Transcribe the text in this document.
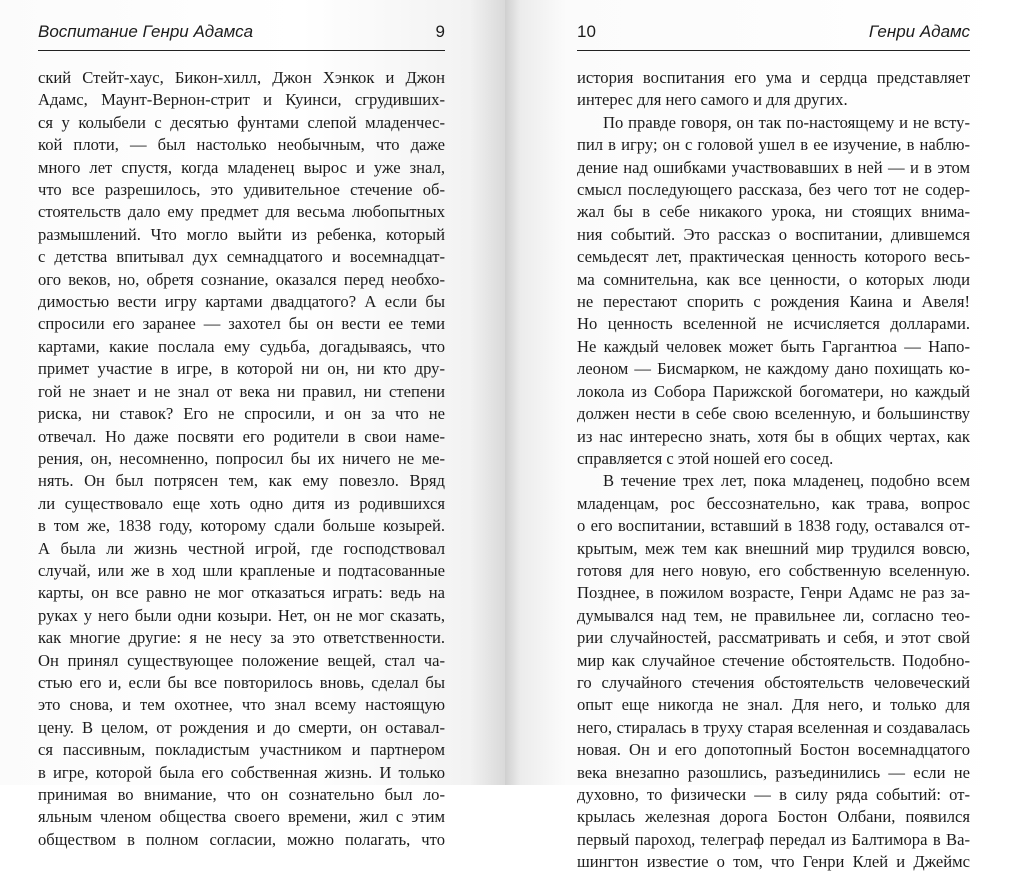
Воспитание Генри Адамса	9
ский Стейт-хаус, Бикон-хилл, Джон Хэнкок и Джон
Адамс, Маунт-Вернон-стрит и Куинси, сгрудивших-
ся у колыбели с десятью фунтами слепой младенчес-
кой плоти, — был настолько необычным, что даже
много лет спустя, когда младенец вырос и уже знал,
что все разрешилось, это удивительное стечение об-
стоятельств дало ему предмет для весьма любопытных
размышлений. Что могло выйти из ребенка, который
с детства впитывал дух семнадцатого и восемнадцат-
ого веков, но, обретя сознание, оказался перед необхо-
димостью вести игру картами двадцатого? А если бы
спросили его заранее — захотел бы он вести ее теми
картами, какие послала ему судьба, догадываясь, что
примет участие в игре, в которой ни он, ни кто дру-
гой не знает и не знал от века ни правил, ни степени
риска, ни ставок? Его не спросили, и он за что не
отвечал. Но даже посвяти его родители в свои наме-
рения, он, несомненно, попросил бы их ничего не ме-
нять. Он был потрясен тем, как ему повезло. Вряд
ли существовало еще хоть одно дитя из родившихся
в том же, 1838 году, которому сдали больше козырей.
А была ли жизнь честной игрой, где господствовал
случай, или же в ход шли крапленые и подтасованные
карты, он все равно не мог отказаться играть: ведь на
руках у него были одни козыри. Нет, он не мог сказать,
как многие другие: я не несу за это ответственности.
Он принял существующее положение вещей, стал ча-
стью его и, если бы все повторилось вновь, сделал бы
это снова, и тем охотнее, что знал всему настоящую
цену. В целом, от рождения и до смерти, он оставал-
ся пассивным, покладистым участником и партнером
в игре, которой была его собственная жизнь. И только
принимая во внимание, что он сознательно был ло-
яльным членом общества своего времени, жил с этим
обществом в полном согласии, можно полагать, что
10	Генри Адамс
история воспитания его ума и сердца представляет
интерес для него самого и для других.
По правде говоря, он так по-настоящему и не всту-
пил в игру; он с головой ушел в ее изучение, в наблю-
дение над ошибками участвовавших в ней — и в этом
смысл последующего рассказа, без чего тот не содер-
жал бы в себе никакого урока, ни стоящих внима-
ния событий. Это рассказ о воспитании, длившемся
семьдесят лет, практическая ценность которого весь-
ма сомнительна, как все ценности, о которых люди
не перестают спорить с рождения Каина и Авеля!
Но ценность вселенной не исчисляется долларами.
Не каждый человек может быть Гаргантюа — Напо-
леоном — Бисмарком, не каждому дано похищать ко-
локола из Собора Парижской богоматери, но каждый
должен нести в себе свою вселенную, и большинству
из нас интересно знать, хотя бы в общих чертах, как
справляется с этой ношей его сосед.
В течение трех лет, пока младенец, подобно всем
младенцам, рос бессознательно, как трава, вопрос
о его воспитании, вставший в 1838 году, оставался от-
крытым, меж тем как внешний мир трудился вовсю,
готовя для него новую, его собственную вселенную.
Позднее, в пожилом возрасте, Генри Адамс не раз за-
думывался над тем, не правильнее ли, согласно тео-
рии случайностей, рассматривать и себя, и этот свой
мир как случайное стечение обстоятельств. Подобно-
го случайного стечения обстоятельств человеческий
опыт еще никогда не знал. Для него, и только для
него, стиралась в труху старая вселенная и создавалась
новая. Он и его допотопный Бостон восемнадцатого
века внезапно разошлись, разъединились — если не
духовно, то физически — в силу ряда событий: от-
крылась железная дорога Бостон Олбани, появился
первый пароход, телеграф передал из Балтимора в Ва-
шингтон известие о том, что Генри Клей и Джеймс
